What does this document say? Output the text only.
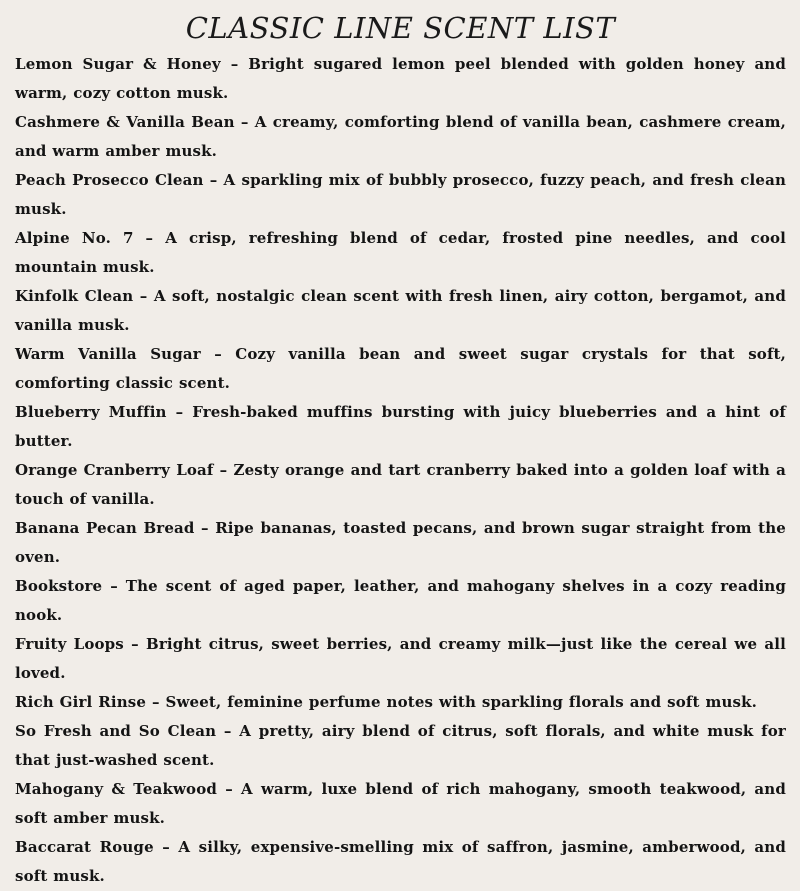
CLASSIC LINE SCENT LIST
Lemon Sugar & Honey – Bright sugared lemon peel blended with golden honey and warm, cozy cotton musk.
Cashmere & Vanilla Bean – A creamy, comforting blend of vanilla bean, cashmere cream, and warm amber musk.
Peach Prosecco Clean – A sparkling mix of bubbly prosecco, fuzzy peach, and fresh clean musk.
Alpine No. 7 – A crisp, refreshing blend of cedar, frosted pine needles, and cool mountain musk.
Kinfolk Clean – A soft, nostalgic clean scent with fresh linen, airy cotton, bergamot, and vanilla musk.
Warm Vanilla Sugar – Cozy vanilla bean and sweet sugar crystals for that soft, comforting classic scent.
Blueberry Muffin – Fresh-baked muffins bursting with juicy blueberries and a hint of butter.
Orange Cranberry Loaf – Zesty orange and tart cranberry baked into a golden loaf with a touch of vanilla.
Banana Pecan Bread – Ripe bananas, toasted pecans, and brown sugar straight from the oven.
Bookstore – The scent of aged paper, leather, and mahogany shelves in a cozy reading nook.
Fruity Loops – Bright citrus, sweet berries, and creamy milk—just like the cereal we all loved.
Rich Girl Rinse – Sweet, feminine perfume notes with sparkling florals and soft musk.
So Fresh and So Clean – A pretty, airy blend of citrus, soft florals, and white musk for that just-washed scent.
Mahogany & Teakwood – A warm, luxe blend of rich mahogany, smooth teakwood, and soft amber musk.
Baccarat Rouge – A silky, expensive-smelling mix of saffron, jasmine, amberwood, and soft musk.
